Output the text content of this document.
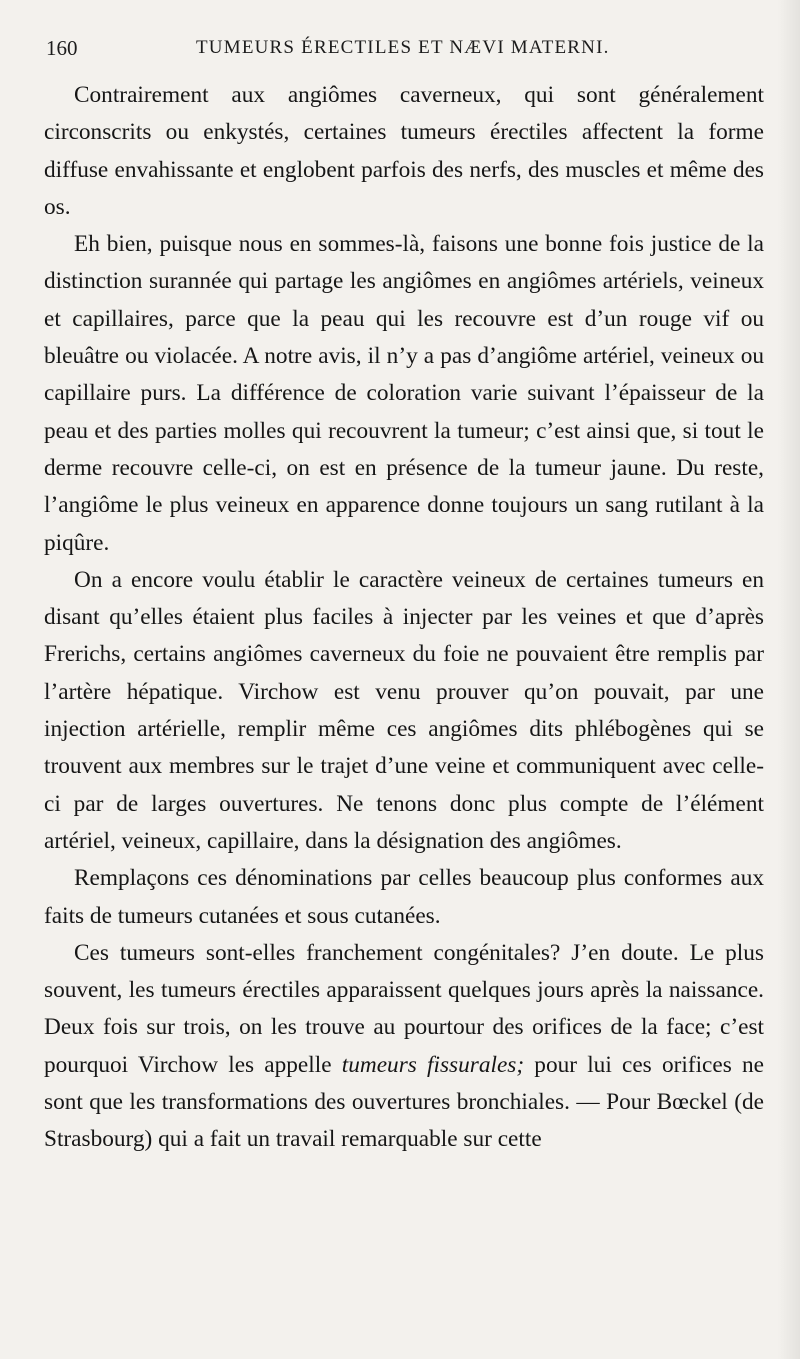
160	TUMEURS ÉRECTILES ET NÆVI MATERNI.

Contrairement aux angiômes caverneux, qui sont généralement circonscrits ou enkystés, certaines tumeurs érectiles affectent la forme diffuse envahissante et englobent parfois des nerfs, des muscles et même des os.

Eh bien, puisque nous en sommes-là, faisons une bonne fois justice de la distinction surannée qui partage les angiômes en angiômes artériels, veineux et capillaires, parce que la peau qui les recouvre est d’un rouge vif ou bleuâtre ou violacée. A notre avis, il n’y a pas d’angiôme artériel, veineux ou capillaire purs. La différence de coloration varie suivant l’épaisseur de la peau et des parties molles qui recouvrent la tumeur; c’est ainsi que, si tout le derme recouvre celle-ci, on est en présence de la tumeur jaune. Du reste, l’angiôme le plus veineux en apparence donne toujours un sang rutilant à la piqûre.

On a encore voulu établir le caractère veineux de certaines tumeurs en disant qu’elles étaient plus faciles à injecter par les veines et que d’après Frerichs, certains angiômes caverneux du foie ne pouvaient être remplis par l’artère hépatique. Virchow est venu prouver qu’on pouvait, par une injection artérielle, remplir même ces angiômes dits phlébogènes qui se trouvent aux membres sur le trajet d’une veine et communiquent avec celle-ci par de larges ouvertures. Ne tenons donc plus compte de l’élément artériel, veineux, capillaire, dans la désignation des angiômes.

Remplaçons ces dénominations par celles beaucoup plus conformes aux faits de tumeurs cutanées et sous cutanées.

Ces tumeurs sont-elles franchement congénitales? J’en doute. Le plus souvent, les tumeurs érectiles apparaissent quelques jours après la naissance. Deux fois sur trois, on les trouve au pourtour des orifices de la face; c’est pourquoi Virchow les appelle tumeurs fissurales; pour lui ces orifices ne sont que les transformations des ouvertures bronchiales. — Pour Bœckel (de Strasbourg) qui a fait un travail remarquable sur cette
